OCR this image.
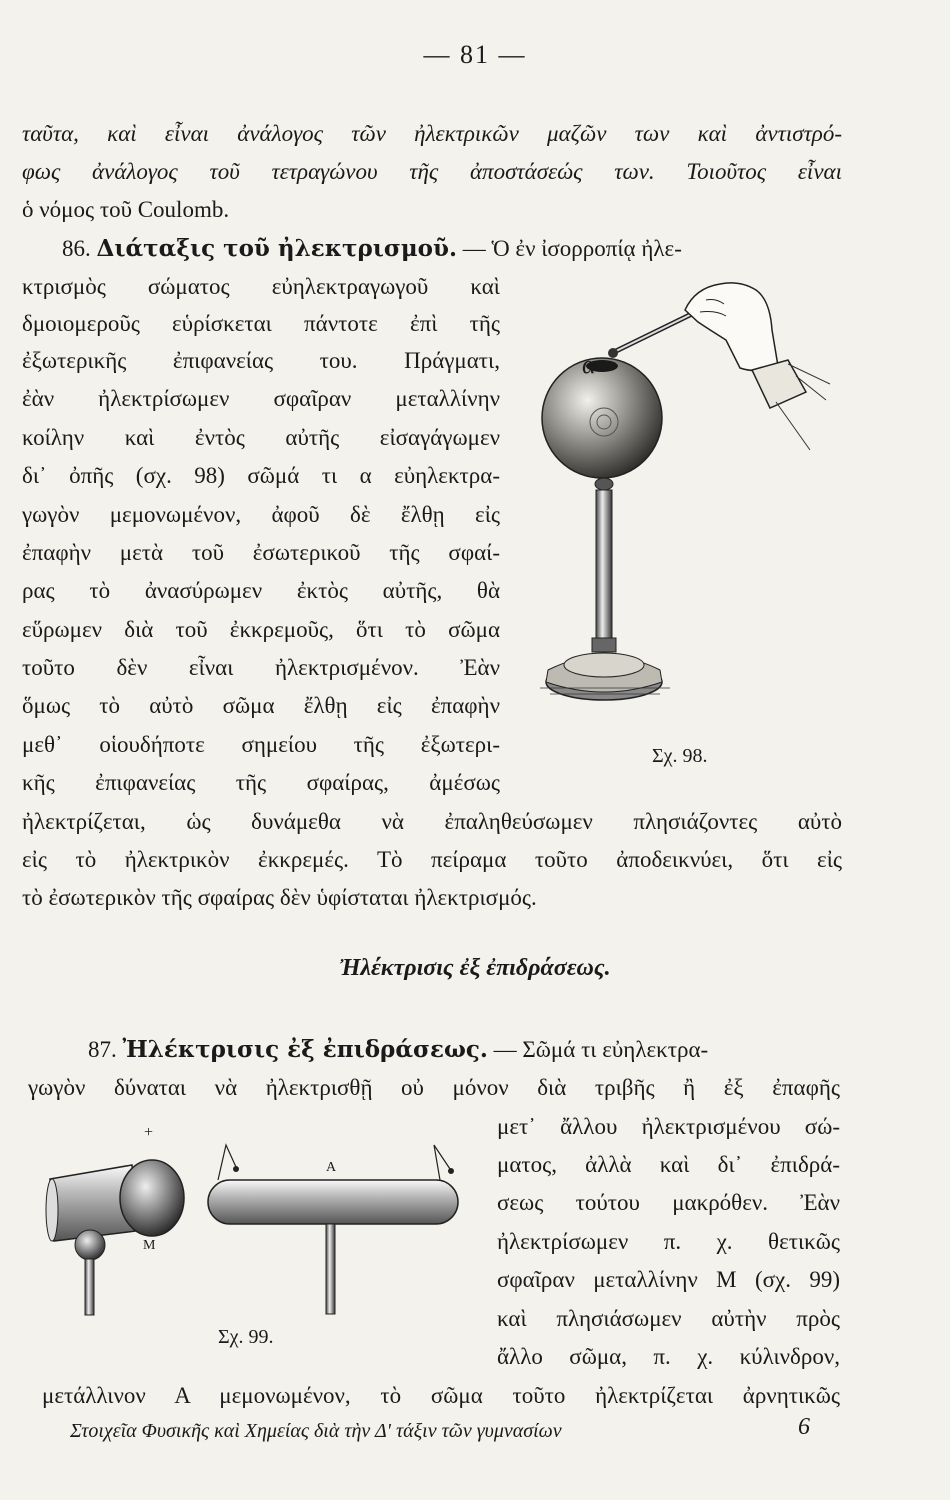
— 81 —
ταῦτα, καὶ εἶναι ἀνάλογος τῶν ἠλεκτρικῶν μαζῶν των καὶ ἀντιστρό-
φως ἀνάλογος τοῦ τετραγώνου τῆς ἀποστάσεώς των. Τοιοῦτος εἶναι
ὁ νόμος τοῦ Coulomb.
86. Διάταξις τοῦ ἠλεκτρισμοῦ. — Ὁ ἐν ἰσορροπίᾳ ἠλε-
κτρισμὸς σώματος εὐηλεκτραγωγοῦ καὶ
δμοιομεροῦς εὑρίσκεται πάντοτε ἐπὶ τῆς
ἐξωτερικῆς ἐπιφανείας του. Πράγματι,
ἐὰν ἠλεκτρίσωμεν σφαῖραν μεταλλίνην
κοίλην καὶ ἐντὸς αὐτῆς εἰσαγάγωμεν
δι᾽ ὀπῆς (σχ. 98) σῶμά τι α εὐηλεκτρα-
γωγὸν μεμονωμένον, ἀφοῦ δὲ ἔλθῃ εἰς
ἐπαφὴν μετὰ τοῦ ἐσωτερικοῦ τῆς σφαί-
ρας τὸ ἀνασύρωμεν ἐκτὸς αὐτῆς, θὰ
εὕρωμεν διὰ τοῦ ἐκκρεμοῦς, ὅτι τὸ σῶμα
τοῦτο δὲν εἶναι ἠλεκτρισμένον. Ἐὰν
ὅμως τὸ αὐτὸ σῶμα ἔλθῃ εἰς ἐπαφὴν
μεθ᾽ οἱουδήποτε σημείου τῆς ἐξωτερι-
κῆς ἐπιφανείας τῆς σφαίρας, ἀμέσως
ἠλεκτρίζεται, ὡς δυνάμεθα νὰ ἐπαληθεύσωμεν πλησιάζοντες αὐτὸ
εἰς τὸ ἠλεκτρικὸν ἐκκρεμές. Τὸ πείραμα τοῦτο ἀποδεικνύει, ὅτι εἰς
τὸ ἐσωτερικὸν τῆς σφαίρας δὲν ὑφίσταται ἠλεκτρισμός.
α
Σχ. 98.
Ἠλέκτρισις ἐξ ἐπιδράσεως.
87. Ἠλέκτρισις ἐξ ἐπιδράσεως. — Σῶμά τι εὐηλεκτρα-
γωγὸν δύναται νὰ ἠλεκτρισθῇ οὐ μόνον διὰ τριβῆς ἢ ἐξ ἐπαφῆς
μετ᾽ ἄλλου ἠλεκτρισμένου σώ-
ματος, ἀλλὰ καὶ δι᾽ ἐπιδρά-
σεως τούτου μακρόθεν. Ἐὰν
ἠλεκτρίσωμεν π. χ. θετικῶς
σφαῖραν μεταλλίνην Μ (σχ. 99)
καὶ πλησιάσωμεν αὐτὴν πρὸς
ἄλλο σῶμα, π. χ. κύλινδρον,
μετάλλινον Α μεμονωμένον, τὸ σῶμα τοῦτο ἠλεκτρίζεται ἀρνητικῶς
+
M
A
Σχ. 99.
Στοιχεῖα Φυσικῆς καὶ Χημείας διὰ τὴν Δ' τάξιν τῶν γυμνασίων	6
